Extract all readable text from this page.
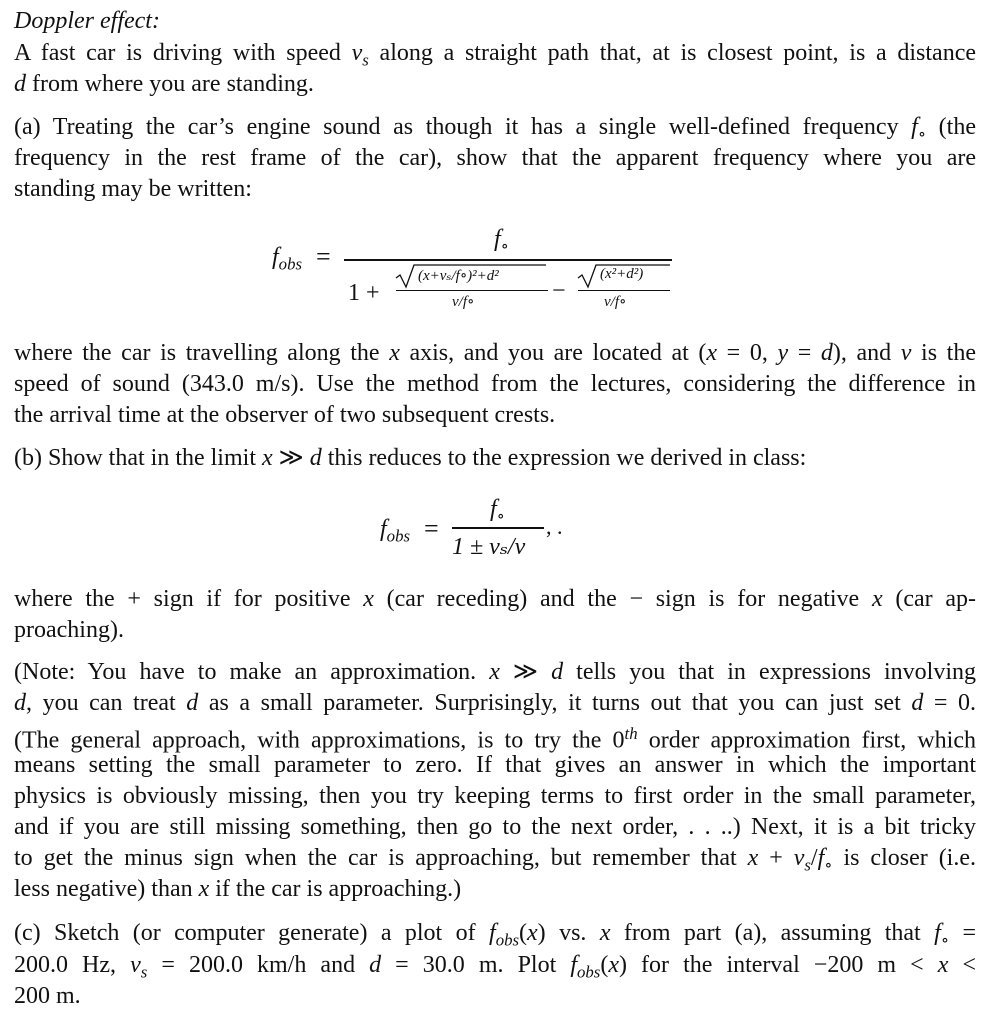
Doppler effect:
A fast car is driving with speed $v_s$ along a straight path that, at is closest point, is a distance
d from where you are standing.
(a) Treating the car’s engine sound as though it has a single well-defined frequency $f_\circ$ (the
frequency in the rest frame of the car), show that the apparent frequency where you are
standing may be written:
$f_{obs}$ =
$f_\circ$
1 +
(x+vₛ/f∘)²+d²
v/f∘	−
(x²+d²)
v/f∘
where the car is travelling along the x axis, and you are located at (x = 0, y = d), and v is the
speed of sound (343.0 m/s). Use the method from the lectures, considering the difference in
the arrival time at the observer of two subsequent crests.
(b) Show that in the limit x ≫ d this reduces to the expression we derived in class:
$f_{obs}$ =
$f_\circ$
1 ± vₛ/v
, .
where the + sign if for positive x (car receding) and the − sign is for negative x (car ap-
proaching).
(Note: You have to make an approximation. x ≫ d tells you that in expressions involving
d, you can treat d as a small parameter. Surprisingly, it turns out that you can just set d = 0.
(The general approach, with approximations, is to try the 0th order approximation first, which
means setting the small parameter to zero. If that gives an answer in which the important
physics is obviously missing, then you try keeping terms to first order in the small parameter,
and if you are still missing something, then go to the next order, . . ..) Next, it is a bit tricky
to get the minus sign when the car is approaching, but remember that $x + v_s/f_\circ$ is closer (i.e.
less negative) than x if the car is approaching.)
(c) Sketch (or computer generate) a plot of $f_{obs}(x)$ vs. x from part (a), assuming that $f_\circ$ =
200.0 Hz, $v_s = 200.0$ km/h and d = 30.0 m. Plot $f_{obs}(x)$ for the interval −200 m < x <
200 m.
